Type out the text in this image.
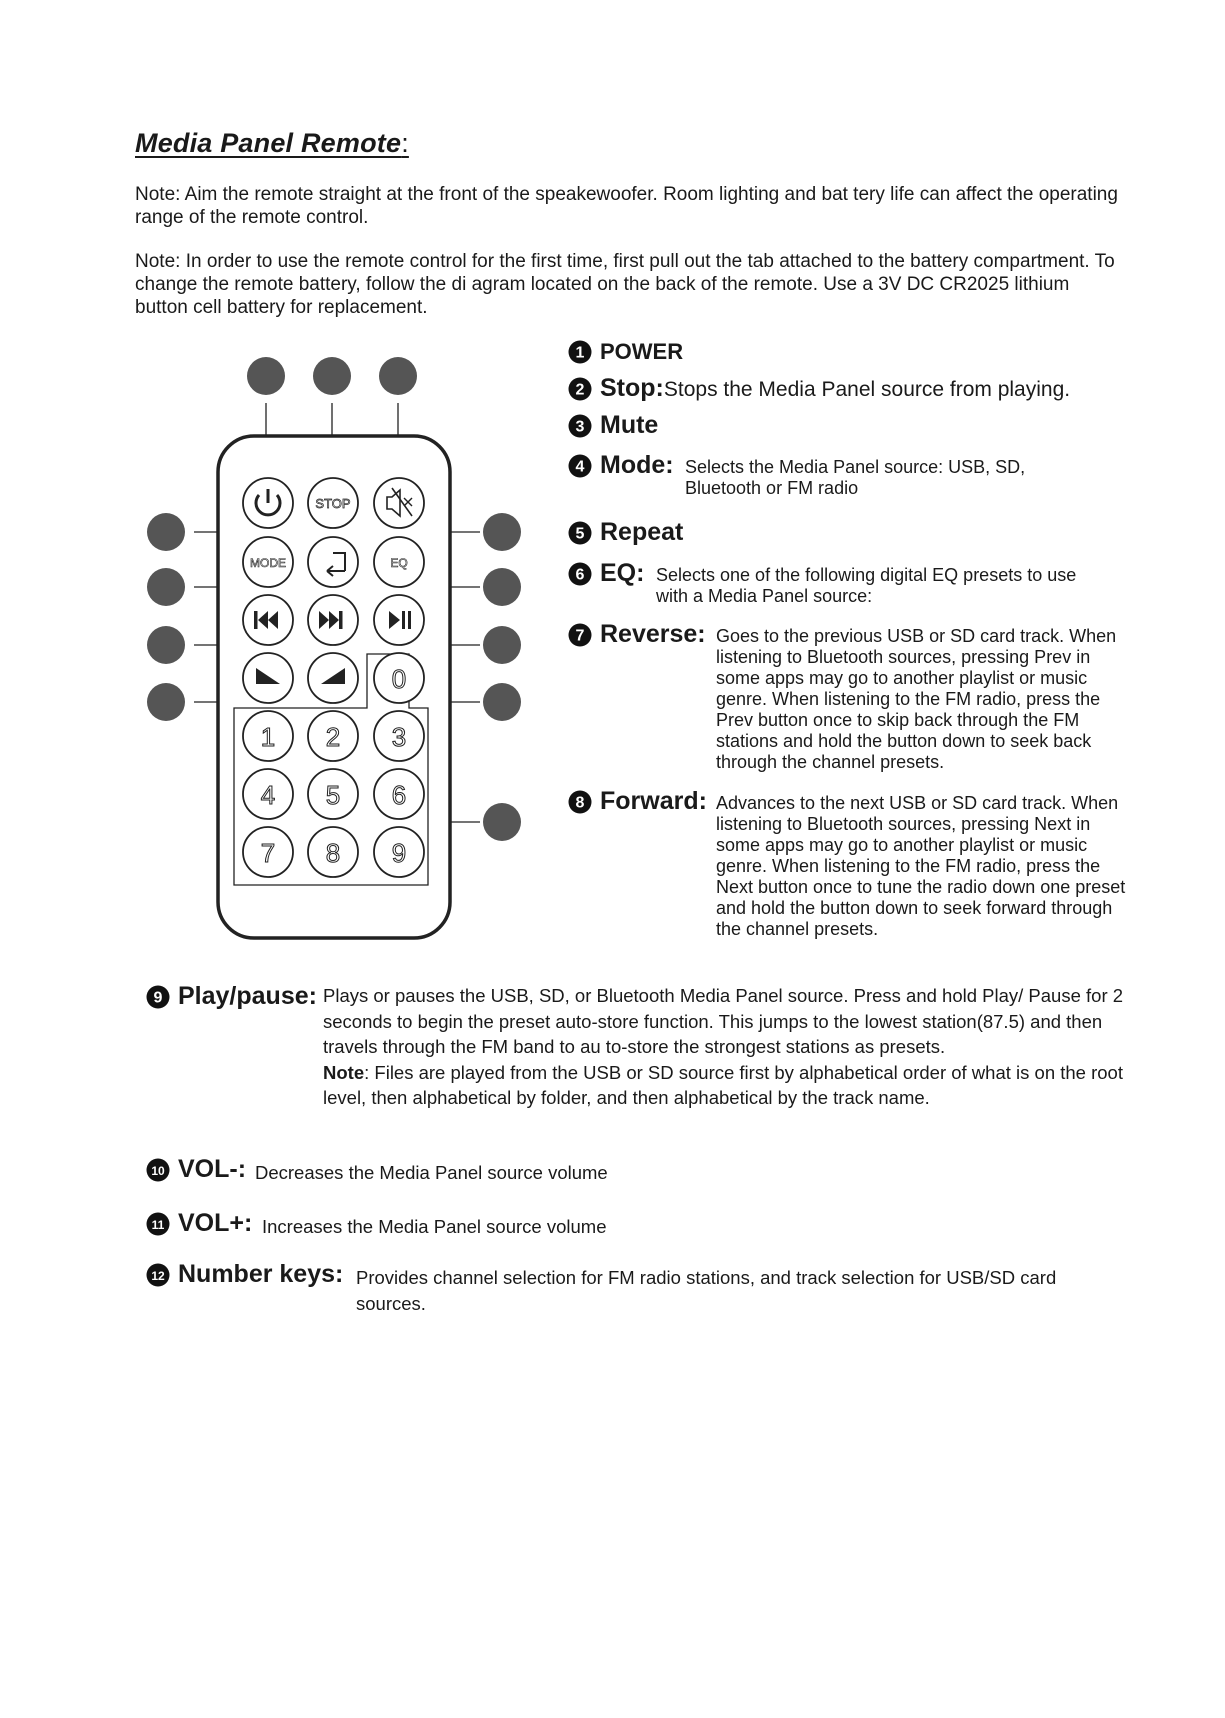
Media Panel Remote:

Note: Aim the remote straight at the front of the speakewoofer. Room lighting and bat tery life can affect the operating range of the remote control.

Note: In order to use the remote control for the first time, first pull out the tab attached to the battery compartment. To change the remote battery, follow the di agram located on the back of the remote. Use a 3V DC CR2025 lithium button cell battery for replacement.

STOP
MODE	EQ
0
1 2 3
4 5 6
7 8 9
1 POWER
2 Stop:Stops the Media Panel source from playing.
3 Mute
4 Mode: Selects the Media Panel source: USB, SD, Bluetooth or FM radio
5 Repeat
6 EQ: Selects one of the following digital EQ presets to use with a Media Panel source:
7 Reverse: Goes to the previous USB or SD card track. When listening to Bluetooth sources, pressing Prev in some apps may go to another playlist or music genre. When listening to the FM radio, press the Prev button once to skip back through the FM stations and hold the button down to seek back through the channel presets.
8 Forward: Advances to the next USB or SD card track. When listening to Bluetooth sources, pressing Next in some apps may go to another playlist or music genre. When listening to the FM radio, press the Next button once to tune the radio down one preset and hold the button down to seek forward through the channel presets.
9 Play/pause: Plays or pauses the USB, SD, or Bluetooth Media Panel source. Press and hold Play/ Pause for 2 seconds to begin the preset auto-store function. This jumps to the lowest station(87.5) and then travels through the FM band to au to-store the strongest stations as presets.
Note: Files are played from the USB or SD source first by alphabetical order of what is on the root level, then alphabetical by folder, and then alphabetical by the track name.
10 VOL-: Decreases the Media Panel source volume
11 VOL+: Increases the Media Panel source volume
12 Number keys: Provides channel selection for FM radio stations, and track selection for USB/SD card sources.
